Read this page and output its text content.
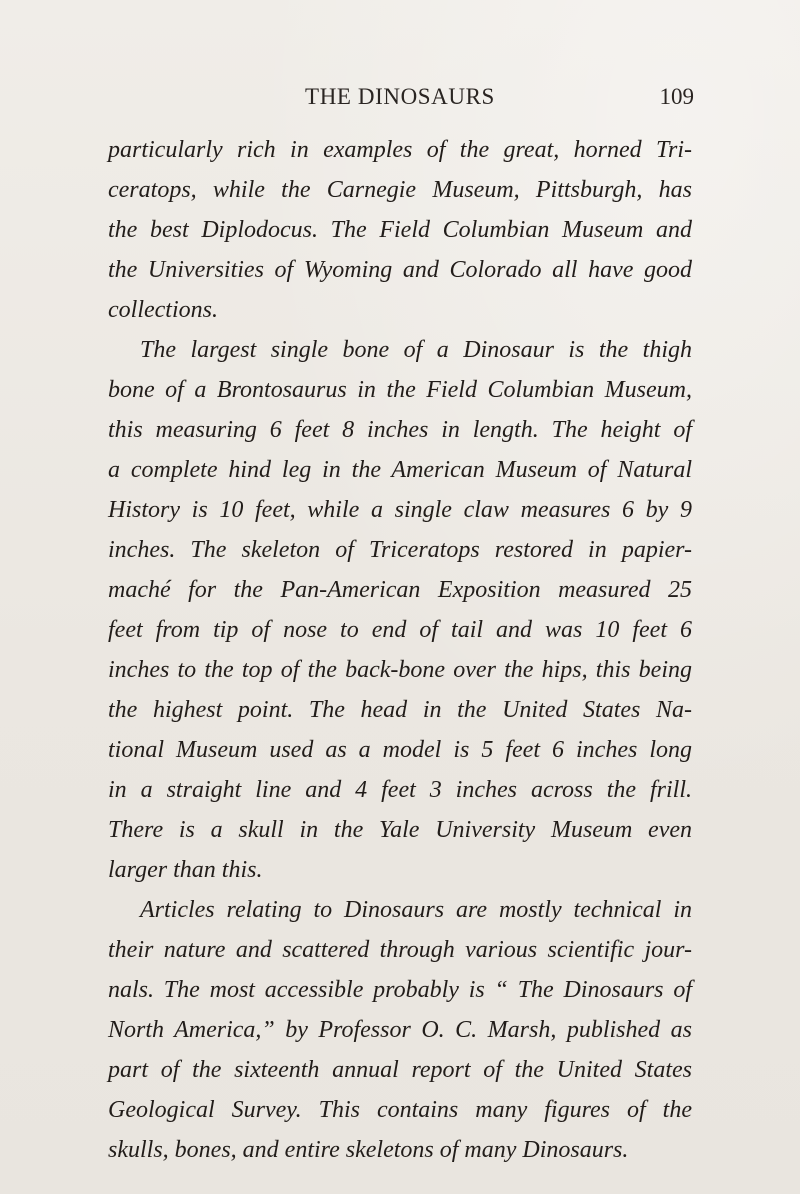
THE DINOSAURS	109
particularly rich in examples of the great, horned Tri-
ceratops, while the Carnegie Museum, Pittsburgh, has
the best Diplodocus. The Field Columbian Museum and
the Universities of Wyoming and Colorado all have good
collections.
The largest single bone of a Dinosaur is the thigh
bone of a Brontosaurus in the Field Columbian Museum,
this measuring 6 feet 8 inches in length. The height of
a complete hind leg in the American Museum of Natural
History is 10 feet, while a single claw measures 6 by 9
inches. The skeleton of Triceratops restored in papier-
maché for the Pan-American Exposition measured 25
feet from tip of nose to end of tail and was 10 feet 6
inches to the top of the back-bone over the hips, this being
the highest point. The head in the United States Na-
tional Museum used as a model is 5 feet 6 inches long
in a straight line and 4 feet 3 inches across the frill.
There is a skull in the Yale University Museum even
larger than this.
Articles relating to Dinosaurs are mostly technical in
their nature and scattered through various scientific jour-
nals. The most accessible probably is “ The Dinosaurs of
North America,” by Professor O. C. Marsh, published as
part of the sixteenth annual report of the United States
Geological Survey. This contains many figures of the
skulls, bones, and entire skeletons of many Dinosaurs.
